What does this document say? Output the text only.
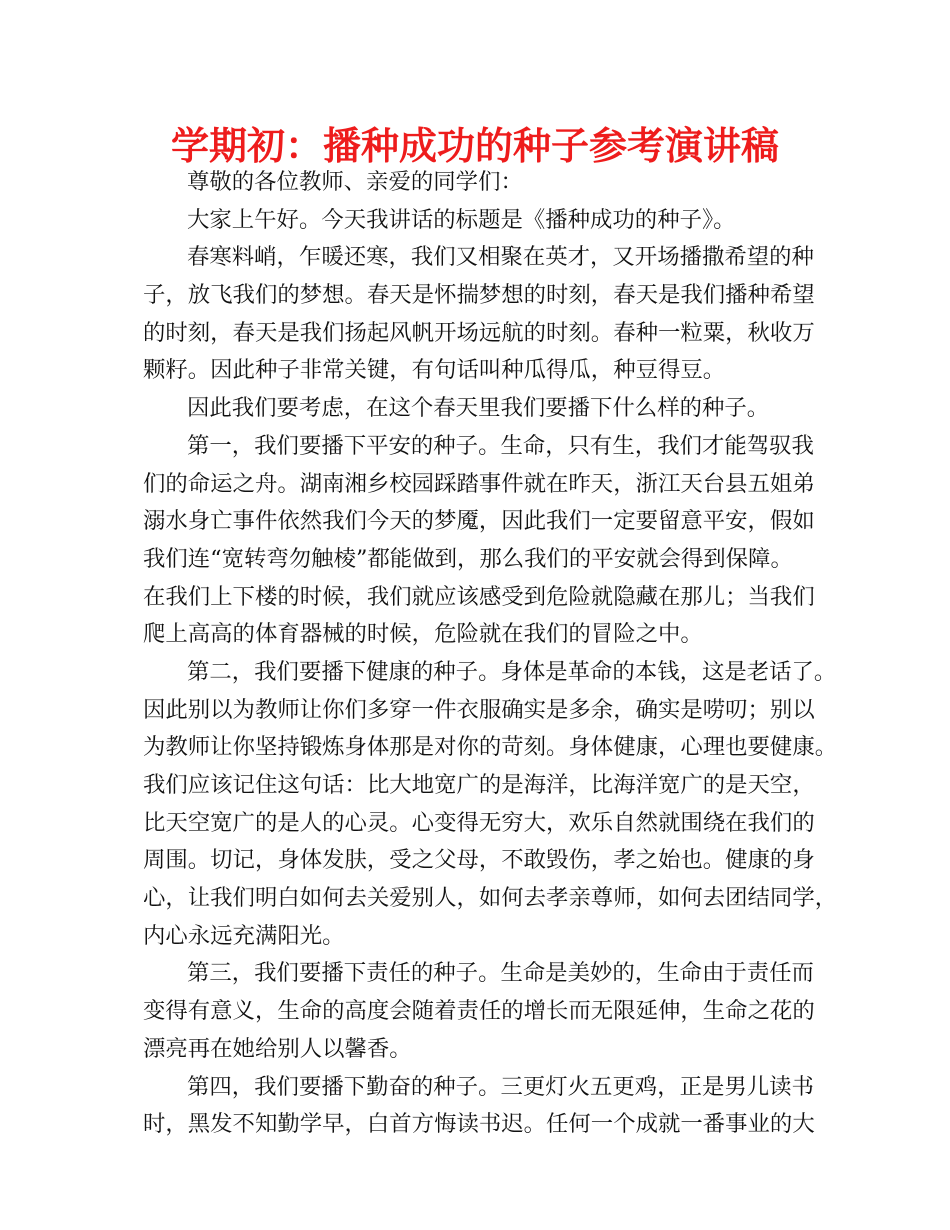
学期初：播种成功的种子参考演讲稿
尊敬的各位教师、亲爱的同学们：
大家上午好。今天我讲话的标题是《播种成功的种子》。
春寒料峭，乍暖还寒，我们又相聚在英才，又开场播撒希望的种
子，放飞我们的梦想。春天是怀揣梦想的时刻，春天是我们播种希望
的时刻，春天是我们扬起风帆开场远航的时刻。春种一粒粟，秋收万
颗籽。因此种子非常关键，有句话叫种瓜得瓜，种豆得豆。
因此我们要考虑，在这个春天里我们要播下什么样的种子。
第一，我们要播下平安的种子。生命，只有生，我们才能驾驭我
们的命运之舟。湖南湘乡校园踩踏事件就在昨天，浙江天台县五姐弟
溺水身亡事件依然我们今天的梦魇，因此我们一定要留意平安，假如
我们连“宽转弯勿触棱”都能做到，那么我们的平安就会得到保障。
在我们上下楼的时候，我们就应该感受到危险就隐藏在那儿；当我们
爬上高高的体育器械的时候，危险就在我们的冒险之中。
第二，我们要播下健康的种子。身体是革命的本钱，这是老话了。
因此别以为教师让你们多穿一件衣服确实是多余，确实是唠叨；别以
为教师让你坚持锻炼身体那是对你的苛刻。身体健康，心理也要健康。
我们应该记住这句话：比大地宽广的是海洋，比海洋宽广的是天空，
比天空宽广的是人的心灵。心变得无穷大，欢乐自然就围绕在我们的
周围。切记，身体发肤，受之父母，不敢毁伤，孝之始也。健康的身
心，让我们明白如何去关爱别人，如何去孝亲尊师，如何去团结同学，
内心永远充满阳光。
第三，我们要播下责任的种子。生命是美妙的，生命由于责任而
变得有意义，生命的高度会随着责任的增长而无限延伸，生命之花的
漂亮再在她给别人以馨香。
第四，我们要播下勤奋的种子。三更灯火五更鸡，正是男儿读书
时，黑发不知勤学早，白首方悔读书迟。任何一个成就一番事业的大
